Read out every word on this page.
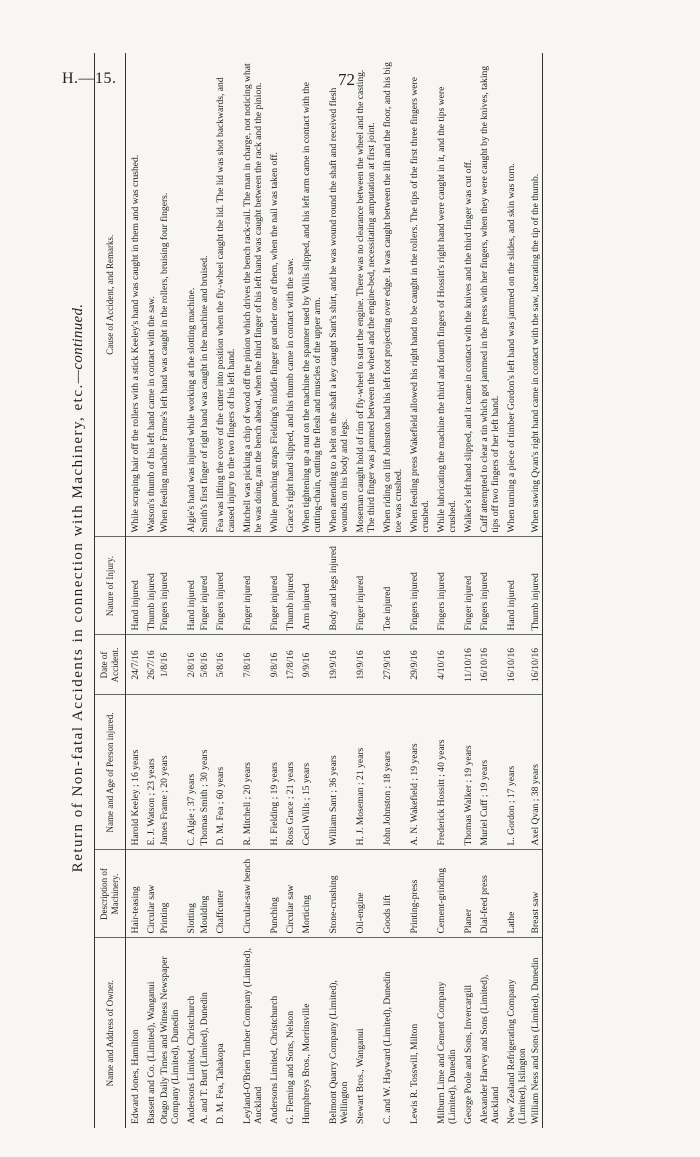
H.—15.	72
Return of Non-fatal Accidents in connection with Machinery, etc.—continued.
Name and Address of Owner.	Description of Machinery.	Name and Age of Person injured.	Date of Accident.	Nature of Injury.	Cause of Accident, and Remarks.
Edward Jones, Hamilton	Hair-teasing	Harold Keeley ; 16 years	24/7/16	Hand injured	While scraping hair off the rollers with a stick Keeley's hand was caught in them and was crushed.
Bassett and Co. (Limited), Wanganui	Circular saw	E. J. Watson ; 23 years	26/7/16	Thumb injured	Watson's thumb of his left hand came in contact with the saw.
Otago Daily Times and Witness Newspaper Company (Limited), Dunedin	Printing	James Frame ; 20 years	1/8/16	Fingers injured	When feeding machine Frame's left hand was caught in the rollers, bruising four fingers.
Andersons Limited, Christchurch	Slotting	C. Algie ; 37 years	2/8/16	Hand injured	Algie's hand was injured while working at the slotting machine.
A. and T. Burt (Limited), Dunedin	Moulding	Thomas Smith ; 30 years	5/8/16	Finger injured	Smith's first finger of right hand was caught in the machine and bruised.
D. M. Fea, Tahakopa	Chaffcutter	D. M. Fea ; 60 years	5/8/16	Fingers injured	Fea was lifting the cover of the cutter into position when the fly-wheel caught the lid. The lid was shot backwards, and caused injury to the two fingers of his left hand.
Leyland-O'Brien Timber Company (Limited), Auckland	Circular-saw bench	R. Mitchell ; 20 years	7/8/16	Finger injured	Mitchell was picking a chip of wood off the pinion which drives the bench rack-rail. The man in charge, not noticing what he was doing, ran the bench ahead, when the third finger of his left hand was caught between the rack and the pinion.
Andersons Limited, Christchurch	Punching	H. Fielding ; 19 years	9/8/16	Finger injured	While punching straps Fielding's middle finger got under one of them, when the nail was taken off.
G. Fleming and Sons, Nelson	Circular saw	Ross Grace ; 21 years	17/8/16	Thumb injured	Grace's right hand slipped, and his thumb came in contact with the saw.
Humphreys Bros., Morrinsville	Morticing	Cecil Wills ; 15 years	9/9/16	Arm injured	When tightening up a nut on the machine the spanner used by Wills slipped, and his left arm came in contact with the cutting-chain, cutting the flesh and muscles of the upper arm.
Belmont Quarry Company (Limited), Wellington	Stone-crushing	William Sant ; 36 years	19/9/16	Body and legs injured	When attending to a belt on the shaft a key caught Sant's shirt, and he was wound round the shaft and received flesh wounds on his body and legs.
Stewart Bros., Wanganui	Oil-engine	H. J. Moseman ; 21 years	19/9/16	Finger injured	Moseman caught hold of rim of fly-wheel to start the engine. There was no clearance between the wheel and the casting. The third finger was jammed between the wheel and the engine-bed, necessitating amputation at first joint.
C. and W. Hayward (Limited), Dunedin	Goods lift	John Johnston ; 18 years	27/9/16	Toe injured	When riding on lift Johnston had his left foot projecting over edge. It was caught between the lift and the floor, and his big toe was crushed.
Lewis R. Tosswill, Milton	Printing-press	A. N. Wakefield ; 19 years	29/9/16	Fingers injured	When feeding press Wakefield allowed his right hand to be caught in the rollers. The tips of the first three fingers were crushed.
Milburn Lime and Cement Company (Limited), Dunedin	Cement-grinding	Frederick Hossitt ; 40 years	4/10/16	Fingers injured	While lubricating the machine the third and fourth fingers of Hossitt's right hand were caught in it, and the tips were crushed.
George Poole and Sons, Invercargill	Planer	Thomas Walker ; 19 years	11/10/16	Finger injured	Walker's left hand slipped, and it came in contact with the knives and the third finger was cut off.
Alexander Harvey and Sons (Limited), Auckland	Dial-feed press	Muriel Cuff ; 19 years	16/10/16	Fingers injured	Cuff attempted to clear a tin which got jammed in the press with her fingers, when they were caught by the knives, taking tips off two fingers of her left hand.
New Zealand Refrigerating Company (Limited), Islington	Lathe	L. Gordon ; 17 years	16/10/16	Hand injured	When turning a piece of timber Gordon's left hand was jammed on the slides, and skin was torn.
William Ness and Sons (Limited), Dunedin	Breast saw	Axel Qvan ; 38 years	16/10/16	Thumb injured	When sawing Qvan's right hand came in contact with the saw, lacerating the tip of the thumb.
